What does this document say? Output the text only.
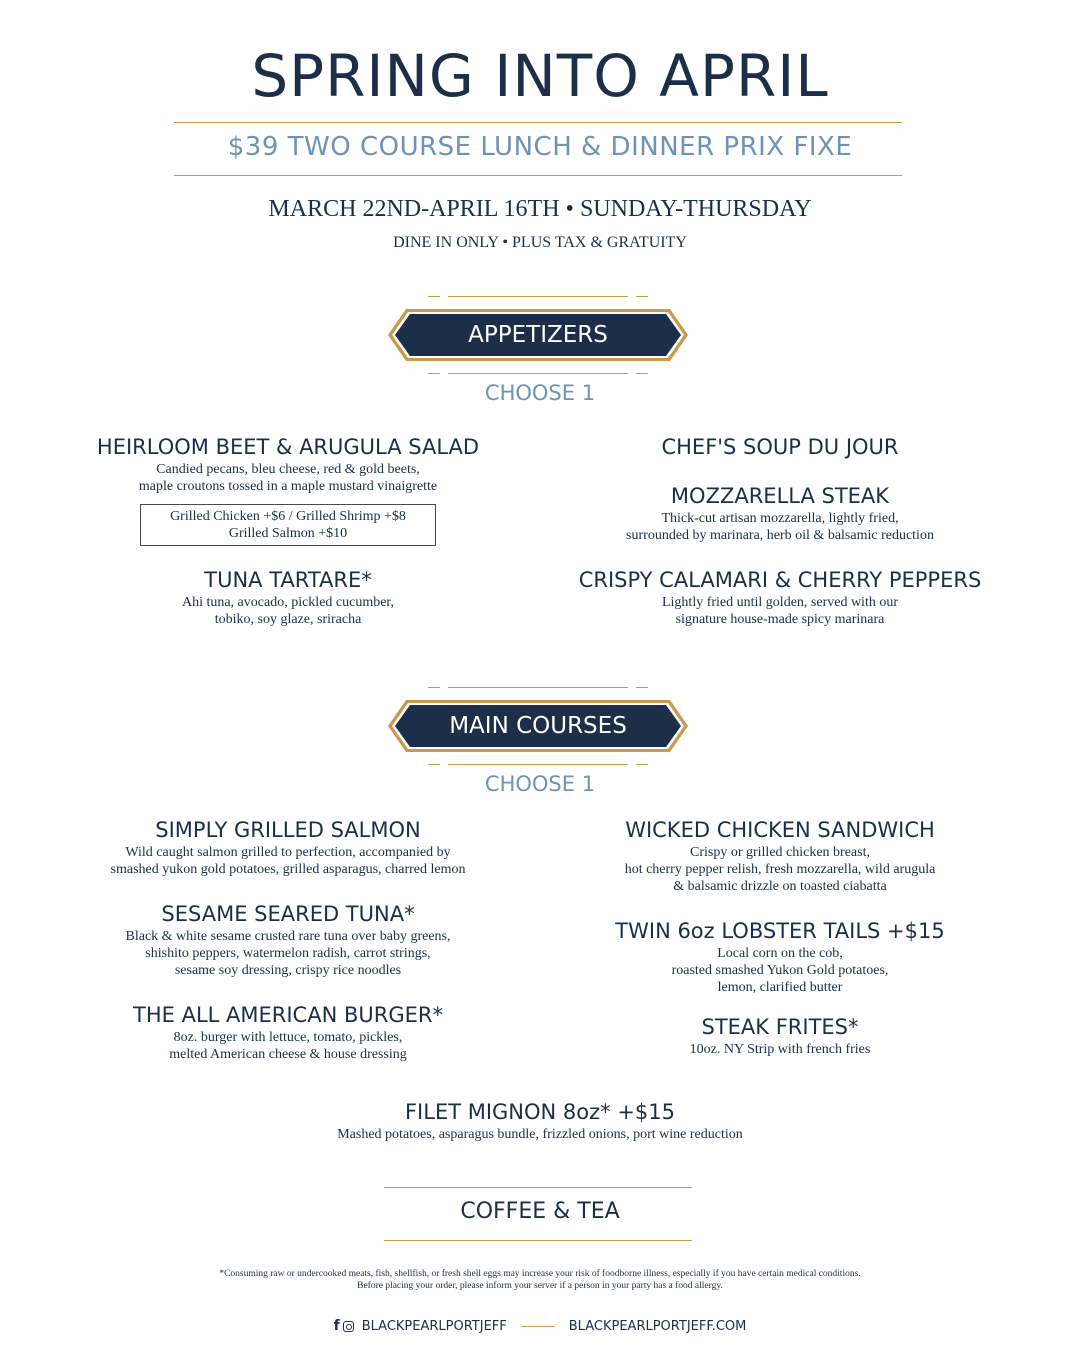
SPRING INTO APRIL
$39 TWO COURSE LUNCH & DINNER PRIX FIXE
MARCH 22ND-APRIL 16TH • SUNDAY-THURSDAY
DINE IN ONLY • PLUS TAX & GRATUITY
APPETIZERS
CHOOSE 1
HEIRLOOM BEET & ARUGULA SALAD
Candied pecans, bleu cheese, red & gold beets,
maple croutons tossed in a maple mustard vinaigrette
Grilled Chicken +$6 / Grilled Shrimp +$8
Grilled Salmon +$10
TUNA TARTARE*
Ahi tuna, avocado, pickled cucumber,
tobiko, soy glaze, sriracha
CHEF'S SOUP DU JOUR
MOZZARELLA STEAK
Thick-cut artisan mozzarella, lightly fried,
surrounded by marinara, herb oil & balsamic reduction
CRISPY CALAMARI & CHERRY PEPPERS
Lightly fried until golden, served with our
signature house-made spicy marinara
MAIN COURSES
CHOOSE 1
SIMPLY GRILLED SALMON
Wild caught salmon grilled to perfection, accompanied by
smashed yukon gold potatoes, grilled asparagus, charred lemon
SESAME SEARED TUNA*
Black & white sesame crusted rare tuna over baby greens,
shishito peppers, watermelon radish, carrot strings,
sesame soy dressing, crispy rice noodles
THE ALL AMERICAN BURGER*
8oz. burger with lettuce, tomato, pickles,
melted American cheese & house dressing
WICKED CHICKEN SANDWICH
Crispy or grilled chicken breast,
hot cherry pepper relish, fresh mozzarella, wild arugula
& balsamic drizzle on toasted ciabatta
TWIN 6oz LOBSTER TAILS +$15
Local corn on the cob,
roasted smashed Yukon Gold potatoes,
lemon, clarified butter
STEAK FRITES*
10oz. NY Strip with french fries
FILET MIGNON 8oz* +$15
Mashed potatoes, asparagus bundle, frizzled onions, port wine reduction
COFFEE & TEA
*Consuming raw or undercooked meats, fish, shellfish, or fresh shell eggs may increase your risk of foodborne illness, especially if you have certain medical conditions.
Before placing your order, please inform your server if a person in your party has a food allergy.
f BLACKPEARLPORTJEFF	BLACKPEARLPORTJEFF.COM
